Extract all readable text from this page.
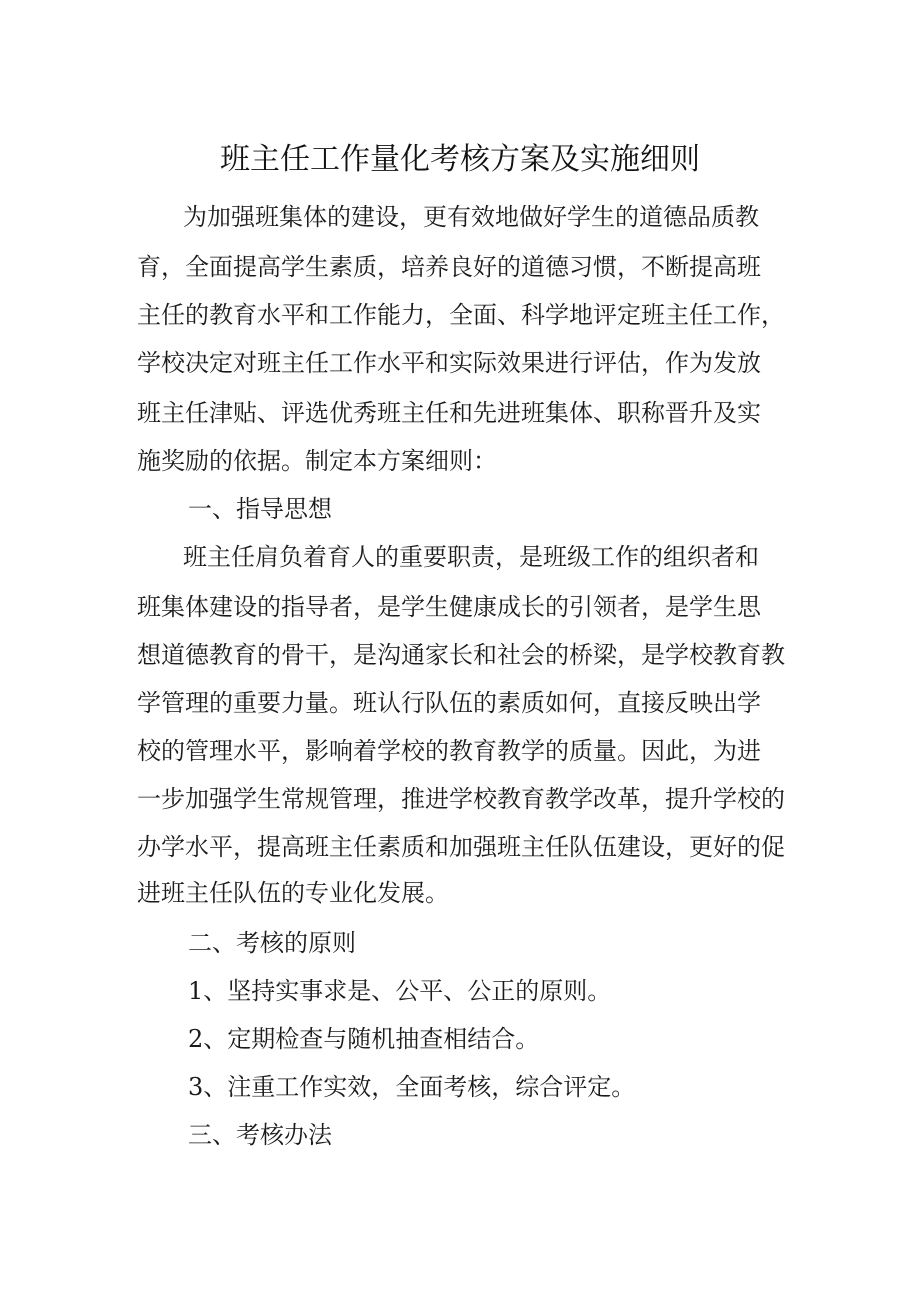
班主任工作量化考核方案及实施细则

为加强班集体的建设，更有效地做好学生的道德品质教

育，全面提高学生素质，培养良好的道德习惯，不断提高班

主任的教育水平和工作能力，全面、科学地评定班主任工作，

学校决定对班主任工作水平和实际效果进行评估，作为发放

班主任津贴、评选优秀班主任和先进班集体、职称晋升及实

施奖励的依据。制定本方案细则：

一、指导思想

班主任肩负着育人的重要职责，是班级工作的组织者和

班集体建设的指导者，是学生健康成长的引领者，是学生思

想道德教育的骨干，是沟通家长和社会的桥梁，是学校教育教

学管理的重要力量。班认行队伍的素质如何，直接反映出学

校的管理水平，影响着学校的教育教学的质量。因此，为进

一步加强学生常规管理，推进学校教育教学改革，提升学校的

办学水平，提高班主任素质和加强班主任队伍建设，更好的促

进班主任队伍的专业化发展。

二、考核的原则

1、坚持实事求是、公平、公正的原则。

2、定期检查与随机抽查相结合。

3、注重工作实效，全面考核，综合评定。

三、考核办法
